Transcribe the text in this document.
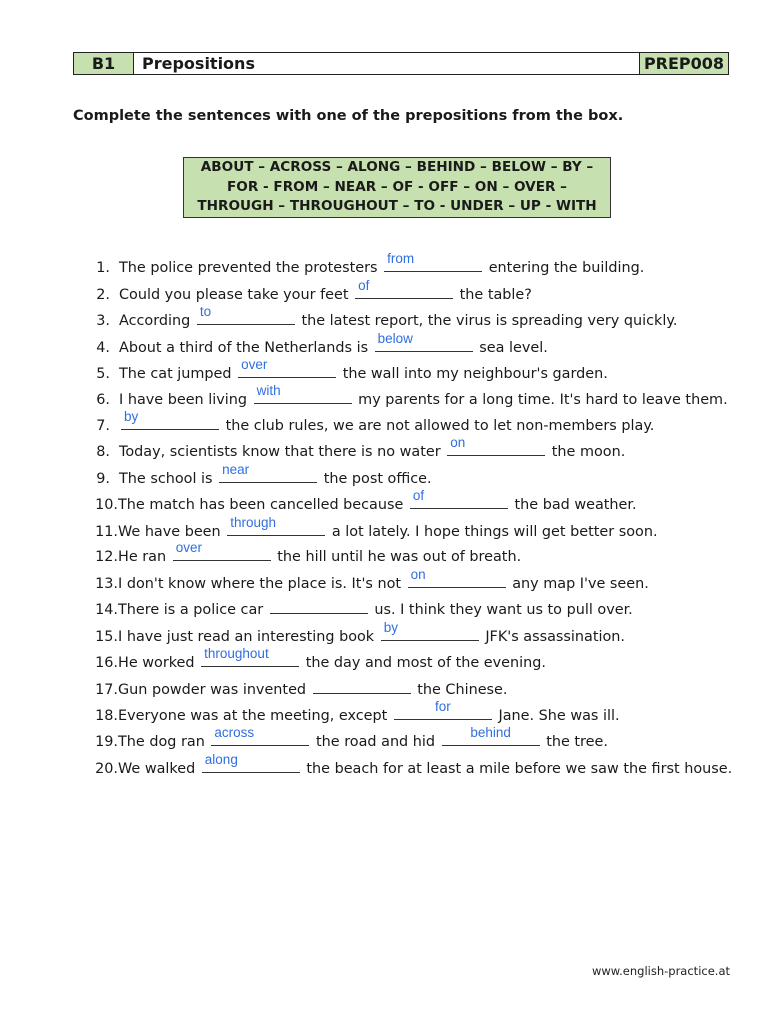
B1	Prepositions	PREP008
Complete the sentences with one of the prepositions from the box.
ABOUT – ACROSS – ALONG – BEHIND – BELOW – BY –
FOR - FROM – NEAR – OF - OFF – ON – OVER –
THROUGH – THROUGHOUT – TO - UNDER – UP - WITH
1. The police prevented the protesters
from
entering the building.
2. Could you please take your feet
of
the table?
3. According
to
the latest report, the virus is spreading very quickly.
4. About a third of the Netherlands is
below
sea level.
5. The cat jumped
over
the wall into my neighbour's garden.
6. I have been living
with
my parents for a long time. It's hard to leave them.
7.
by
the club rules, we are not allowed to let non-members play.
8. Today, scientists know that there is no water
on
the moon.
9. The school is
near
the post office.
10. The match has been cancelled because
of
the bad weather.
11. We have been
through
a lot lately. I hope things will get better soon.
12. He ran
over
the hill until he was out of breath.
13. I don't know where the place is. It's not
on
any map I've seen.
14. There is a police car	us. I think they want us to pull over.
15. I have just read an interesting book
by
JFK's assassination.
16. He worked
throughout
the day and most of the evening.
17. Gun powder was invented	the Chinese.
18. Everyone was at the meeting, except
for
Jane. She was ill.
19. The dog ran
across
the road and hid
behind
the tree.
20. We walked
along
the beach for at least a mile before we saw the first house.
www.english-practice.at
